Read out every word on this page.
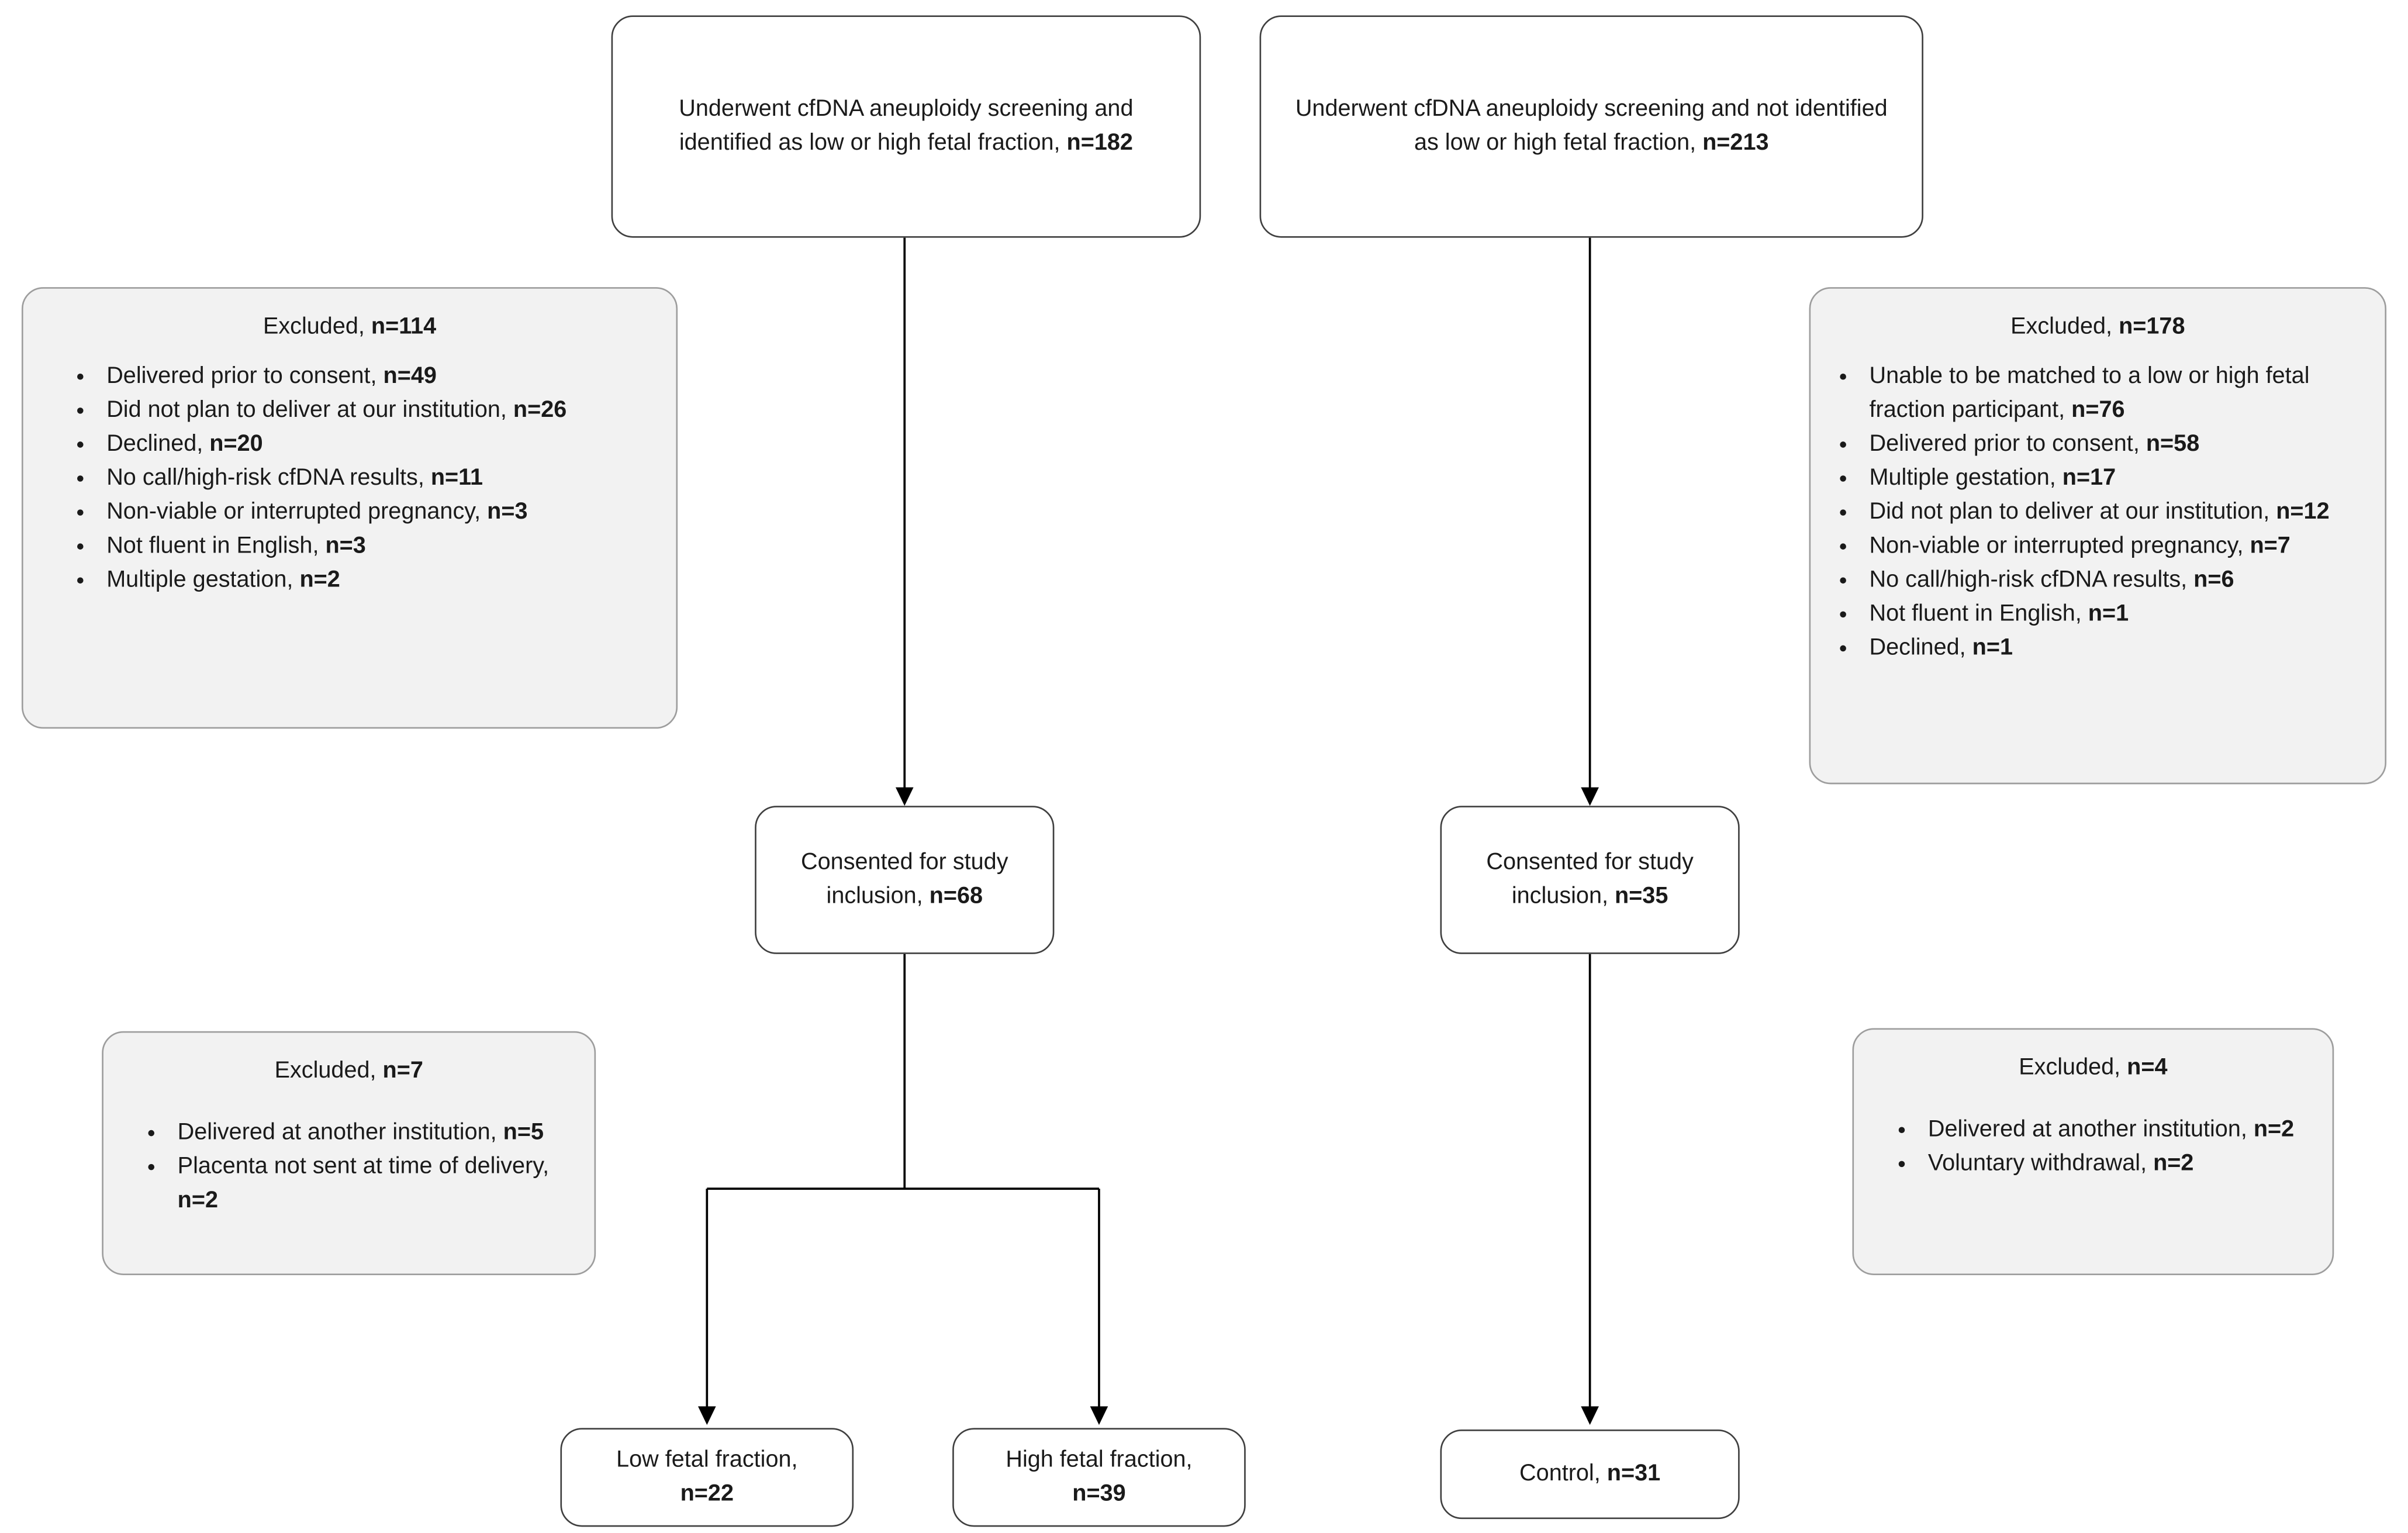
Underwent cfDNA aneuploidy screening and identified as low or high fetal fraction, n=182
Underwent cfDNA aneuploidy screening and not identified as low or high fetal fraction, n=213
Excluded, n=114
• Delivered prior to consent, n=49
• Did not plan to deliver at our institution, n=26
• Declined, n=20
• No call/high-risk cfDNA results, n=11
• Non-viable or interrupted pregnancy, n=3
• Not fluent in English, n=3
• Multiple gestation, n=2
Excluded, n=178
• Unable to be matched to a low or high fetal fraction participant, n=76
• Delivered prior to consent, n=58
• Multiple gestation, n=17
• Did not plan to deliver at our institution, n=12
• Non-viable or interrupted pregnancy, n=7
• No call/high-risk cfDNA results, n=6
• Not fluent in English, n=1
• Declined, n=1
Consented for study inclusion, n=68
Consented for study inclusion, n=35
Excluded, n=7
• Delivered at another institution, n=5
• Placenta not sent at time of delivery, n=2
Excluded, n=4
• Delivered at another institution, n=2
• Voluntary withdrawal, n=2
Low fetal fraction,
n=22
High fetal fraction,
n=39
Control, n=31
